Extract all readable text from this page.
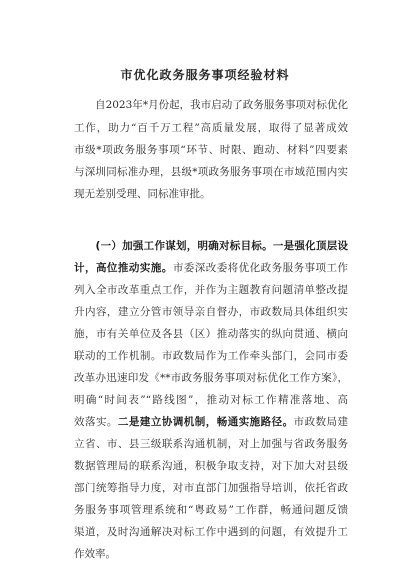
市优化政务服务事项经验材料
　　自2023年*月份起，我市启动了政务服务事项对标优化
工作，助力“百千万工程”高质量发展，取得了显著成效
市级*项政务服务事项“环节、时限、跑动、材料”四要素
与深圳同标准办理，县级*项政务服务事项在市域范围内实
现无差别受理、同标准审批。
　　(一）加强工作谋划，明确对标目标。一是强化顶层设
计，高位推动实施。市委深改委将优化政务服务事项工作
列入全市改革重点工作，并作为主题教育问题清单整改提
升内容，建立分管市领导亲自督办，市政数局具体组织实
施，市有关单位及各县（区）推动落实的纵向贯通、横向
联动的工作机制。市政数局作为工作牵头部门，会同市委
改革办迅速印发《**市政务服务事项对标优化工作方案》，
明确“时间表”“路线图”，推动对标工作精准落地、高
效落实。二是建立协调机制，畅通实施路径。市政数局建
立省、市、县三级联系沟通机制，对上加强与省政务服务
数据管理局的联系沟通，积极争取支持，对下加大对县级
部门统筹指导力度，对市直部门加强指导培训，依托省政
务服务事项管理系统和“粤政易”工作群，畅通问题反馈
渠道，及时沟通解决对标工作中遇到的问题，有效提升工
作效率。
